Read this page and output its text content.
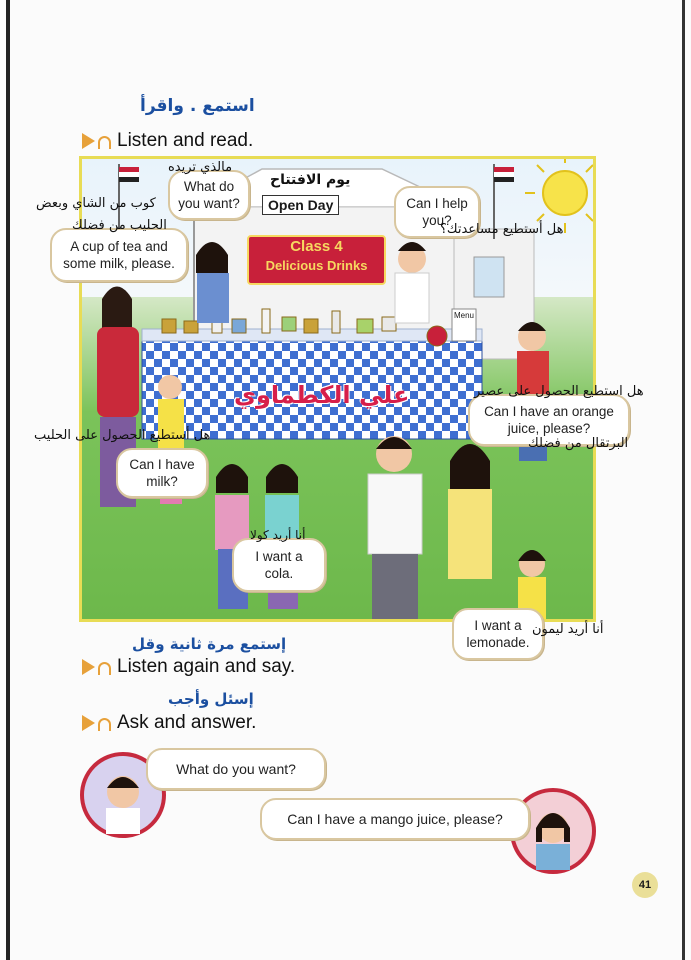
استمع . واقرأ
Listen and read.
Open Day
Class 4
Delicious Drinks
Menu
علي الكطماوي
What do you want?	Can I help you?
A cup of tea and some milk, please.
Can I have an orange juice, please?
Can I have milk?
I want a cola.
I want a lemonade.
مالذي تريده
كوب من الشاي وبعض
الحليب من فضلك	هل أستطيع مساعدتك؟
هل استطيع الحصول على عصير
البرتقال من فضلك
هل أستطيع الحصول على الحليب
أنا أريد كولا
أنا أريد ليمون
يوم الافتتاح
إستمع مرة ثانية وقل
Listen again and say.
إسئل وأجب
Ask and answer.
What do you want?
Can I have a mango juice, please?
41
